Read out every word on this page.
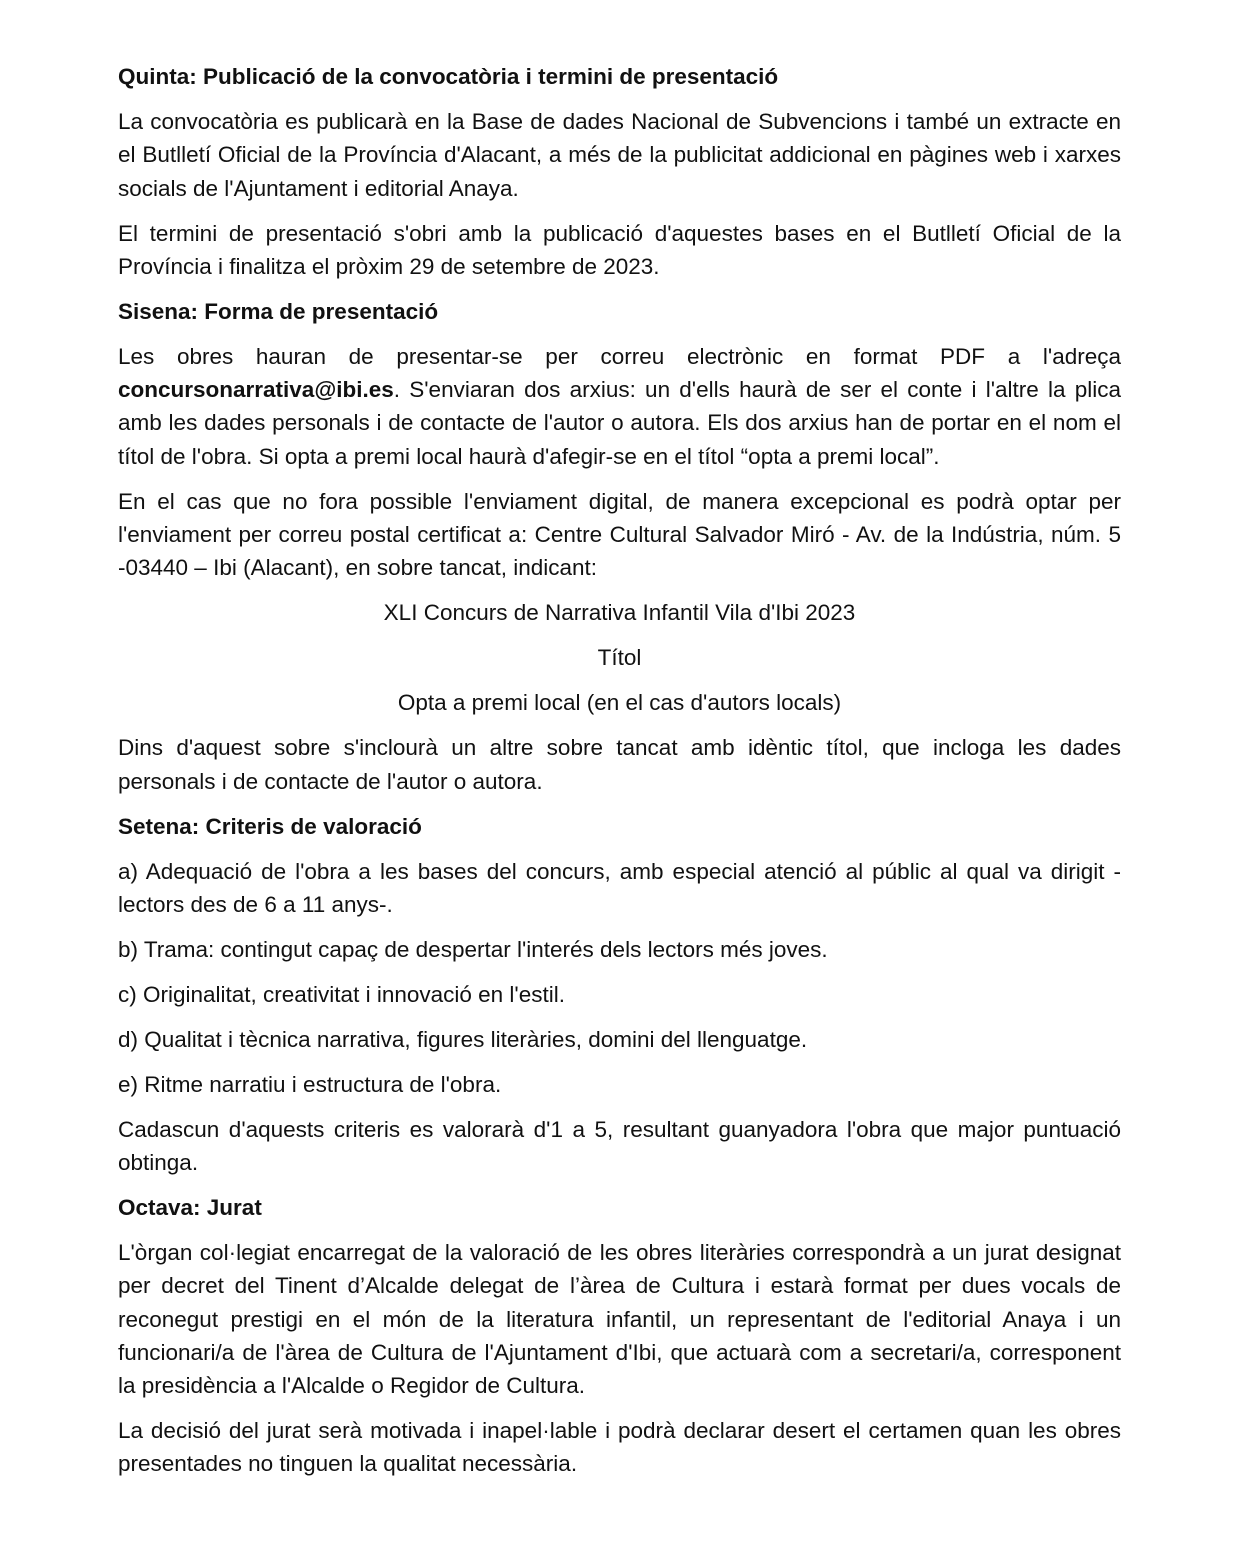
Quinta: Publicació de la convocatòria i termini de presentació

La convocatòria es publicarà en la Base de dades Nacional de Subvencions i també un extracte en el Butlletí Oficial de la Província d'Alacant, a més de la publicitat addicional en pàgines web i xarxes socials de l'Ajuntament i editorial Anaya.

El termini de presentació s'obri amb la publicació d'aquestes bases en el Butlletí Oficial de la Província i finalitza el pròxim 29 de setembre de 2023.

Sisena: Forma de presentació

Les obres hauran de presentar-se per correu electrònic en format PDF a l'adreça concursonarrativa@ibi.es. S'enviaran dos arxius: un d'ells haurà de ser el conte i l'altre la plica amb les dades personals i de contacte de l'autor o autora. Els dos arxius han de portar en el nom el títol de l'obra. Si opta a premi local haurà d'afegir-se en el títol “opta a premi local”.

En el cas que no fora possible l'enviament digital, de manera excepcional es podrà optar per l'enviament per correu postal certificat a: Centre Cultural Salvador Miró - Av. de la Indústria, núm. 5 -03440 – Ibi (Alacant), en sobre tancat, indicant:

XLI Concurs de Narrativa Infantil Vila d'Ibi 2023
Títol
Opta a premi local (en el cas d'autors locals)

Dins d'aquest sobre s'inclourà un altre sobre tancat amb idèntic títol, que incloga les dades personals i de contacte de l'autor o autora.

Setena: Criteris de valoració

a) Adequació de l'obra a les bases del concurs, amb especial atenció al públic al qual va dirigit -lectors des de 6 a 11 anys-.

b) Trama: contingut capaç de despertar l'interés dels lectors més joves.

c) Originalitat, creativitat i innovació en l'estil.

d) Qualitat i tècnica narrativa, figures literàries, domini del llenguatge.

e) Ritme narratiu i estructura de l'obra.

Cadascun d'aquests criteris es valorarà d'1 a 5, resultant guanyadora l'obra que major puntuació obtinga.

Octava: Jurat

L'òrgan col·legiat encarregat de la valoració de les obres literàries correspondrà a un jurat designat per decret del Tinent d’Alcalde delegat de l’àrea de Cultura i estarà format per dues vocals de reconegut prestigi en el món de la literatura infantil, un representant de l'editorial Anaya i un funcionari/a de l'àrea de Cultura de l'Ajuntament d'Ibi, que actuarà com a secretari/a, corresponent la presidència a l'Alcalde o Regidor de Cultura.

La decisió del jurat serà motivada i inapel·lable i podrà declarar desert el certamen quan les obres presentades no tinguen la qualitat necessària.
